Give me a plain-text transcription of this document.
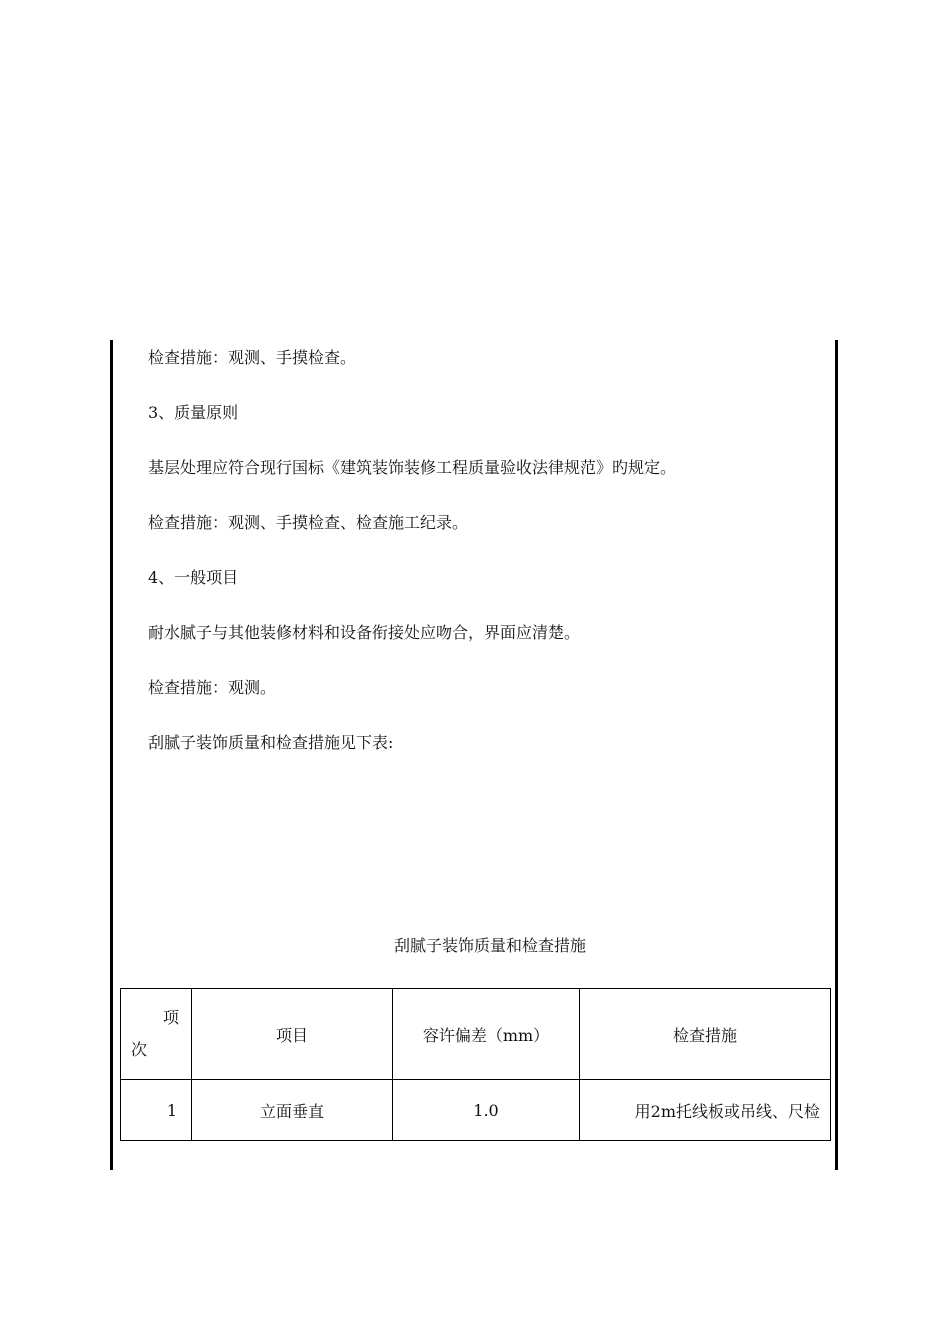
检查措施：观测、手摸检查。
3、质量原则
基层处理应符合现行国标《建筑装饰装修工程质量验收法律规范》旳规定。
检查措施：观测、手摸检查、检查施工纪录。
4、一般项目
耐水腻子与其他装修材料和设备衔接处应吻合，界面应清楚。
检查措施：观测。
刮腻子装饰质量和检查措施见下表:
刮腻子装饰质量和检查措施
项
次	项目	容许偏差（mm）	检查措施
1	立面垂直	1.0	用2m托线板或吊线、尺检
